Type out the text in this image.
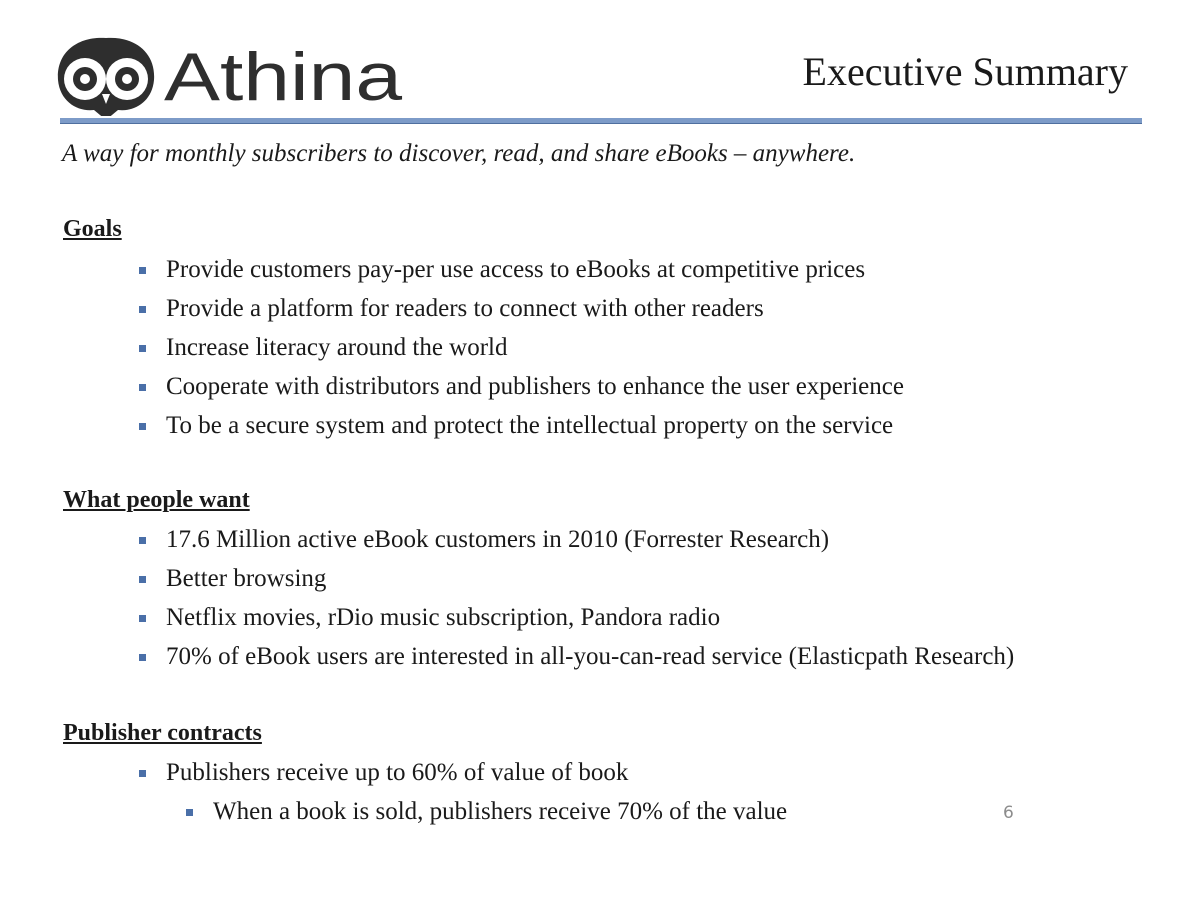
Athina	Executive Summary
A way for monthly subscribers to discover, read, and share eBooks – anywhere.
Goals
Provide customers pay-per use access to eBooks at competitive prices
Provide a platform for readers to connect with other readers
Increase literacy around the world
Cooperate with distributors and publishers to enhance the user experience
To be a secure system and protect the intellectual property on the service
What people want
17.6 Million active eBook customers in 2010 (Forrester Research)
Better browsing
Netflix movies, rDio music subscription, Pandora radio
70% of eBook users are interested in all-you-can-read service (Elasticpath Research)
Publisher contracts
Publishers receive up to 60% of value of book
When a book is sold, publishers receive 70% of the value	6
